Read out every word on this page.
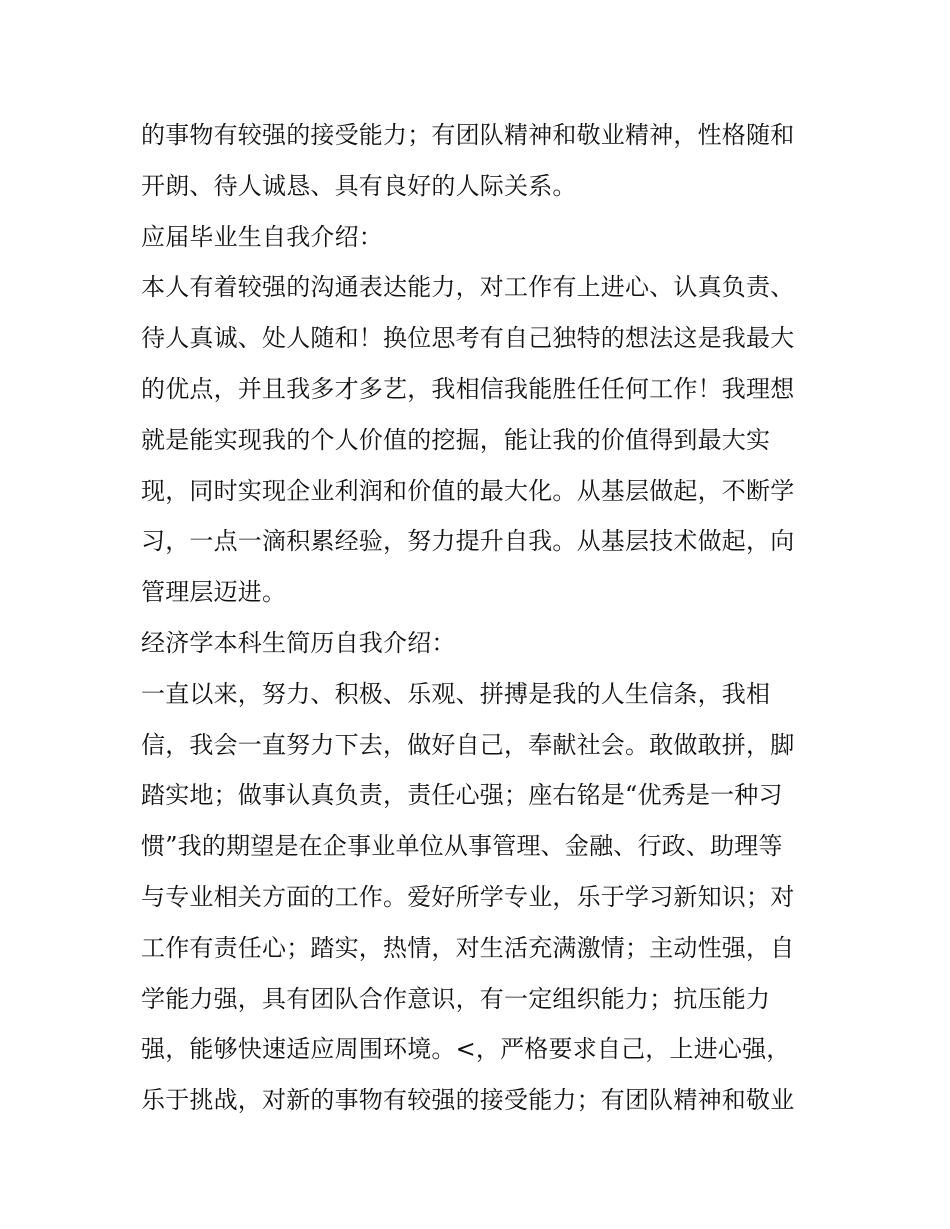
的事物有较强的接受能力；有团队精神和敬业精神，性格随和
开朗、待人诚恳、具有良好的人际关系。
应届毕业生自我介绍：
本人有着较强的沟通表达能力，对工作有上进心、认真负责、
待人真诚、处人随和！换位思考有自己独特的想法这是我最大
的优点，并且我多才多艺，我相信我能胜任任何工作！我理想
就是能实现我的个人价值的挖掘，能让我的价值得到最大实
现，同时实现企业利润和价值的最大化。从基层做起，不断学
习，一点一滴积累经验，努力提升自我。从基层技术做起，向
管理层迈进。
经济学本科生简历自我介绍：
一直以来，努力、积极、乐观、拼搏是我的人生信条，我相
信，我会一直努力下去，做好自己，奉献社会。敢做敢拼，脚
踏实地；做事认真负责，责任心强；座右铭是“优秀是一种习
惯”我的期望是在企事业单位从事管理、金融、行政、助理等
与专业相关方面的工作。爱好所学专业，乐于学习新知识；对
工作有责任心；踏实，热情，对生活充满激情；主动性强，自
学能力强，具有团队合作意识，有一定组织能力；抗压能力
强，能够快速适应周围环境。<，严格要求自己，上进心强，
乐于挑战，对新的事物有较强的接受能力；有团队精神和敬业
